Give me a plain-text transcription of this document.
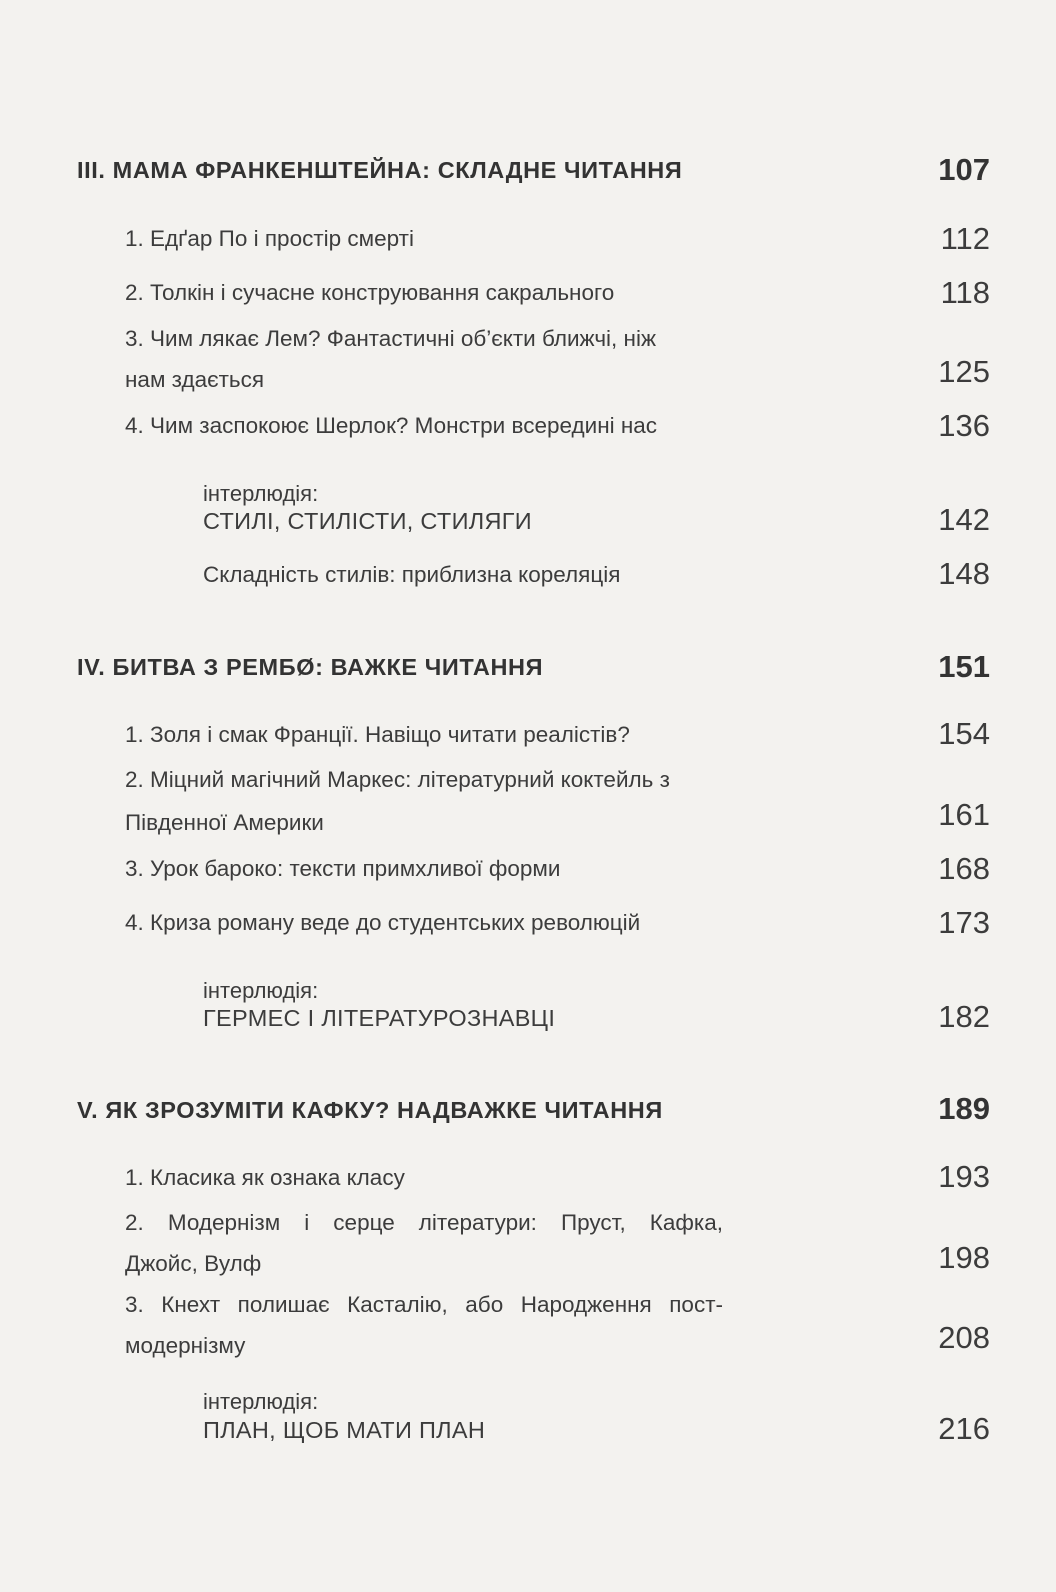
III. МАМА ФРАНКЕНШТЕЙНА: СКЛАДНЕ ЧИТАННЯ	107
1. Едґар По і простір смерті	112
2. Толкін і сучасне конструювання сакрального	118
3. Чим лякає Лем? Фантастичні об’єкти ближчі, ніж
нам здається	125
4. Чим заспокоює Шерлок? Монстри всередині нас	136
інтерлюдія:
СТИЛІ, СТИЛІСТИ, СТИЛЯГИ	142
Складність стилів: приблизна кореляція	148
IV. БИТВА З РЕМБØ: ВАЖКЕ ЧИТАННЯ	151
1. Золя і смак Франції. Навіщо читати реалістів?	154
2. Міцний магічний Маркес: літературний коктейль з
Південної Америки	161
3. Урок бароко: тексти примхливої форми	168
4. Криза роману веде до студентських революцій	173
інтерлюдія:
ГЕРМЕС І ЛІТЕРАТУРОЗНАВЦІ	182
V. ЯК ЗРОЗУМІТИ КАФКУ? НАДВАЖКЕ ЧИТАННЯ	189
1. Класика як ознака класу	193
2. Модернізм і серце літератури: Пруст, Кафка,
Джойс, Вулф	198
3. Кнехт полишає Касталію, або Народження пост-
модернізму	208
інтерлюдія:
ПЛАН, ЩОБ МАТИ ПЛАН	216
